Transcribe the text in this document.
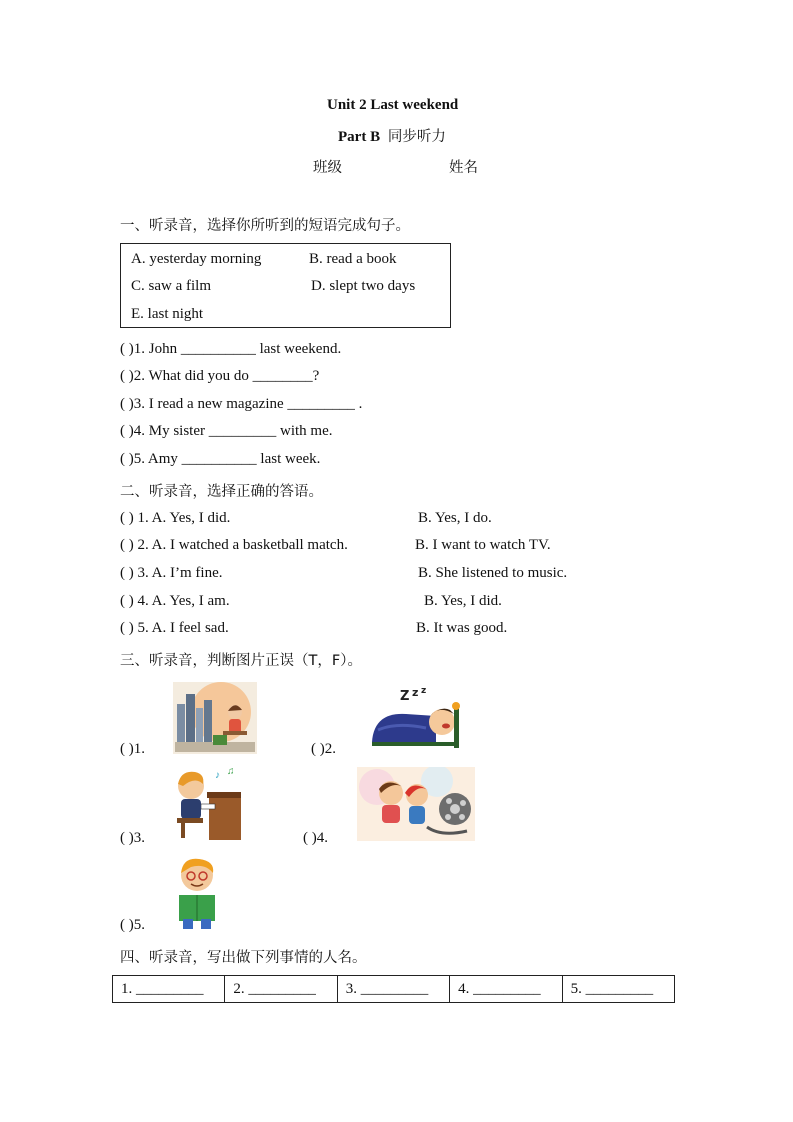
Unit 2 Last weekend
Part B 同步听力
班级	姓名
一、听录音，选择你所听到的短语完成句子。
A. yesterday morning	B. read a book
C. saw a film	D. slept two days
E. last night
( )1. John __________ last weekend.
( )2. What did you do ________?
( )3. I read a new magazine _________ .
( )4. My sister _________ with me.
( )5. Amy __________ last week.
二、听录音，选择正确的答语。
( ) 1. A. Yes, I did.	B. Yes, I do.
( ) 2. A. I watched a basketball match.	B. I want to watch TV.
( ) 3. A. I’m fine.	B. She listened to music.
( ) 4. A. Yes, I am.	B. Yes, I did.
( ) 5. A. I feel sad.	B. It was good.
三、听录音，判断图片正误（T，F）。
( )1.	( )2.
Z z z
( )3.
♪ ♫
( )4.
( )5.
四、听录音，写出做下列事情的人名。
1. _________	2. _________	3. _________	4. _________	5. _________
